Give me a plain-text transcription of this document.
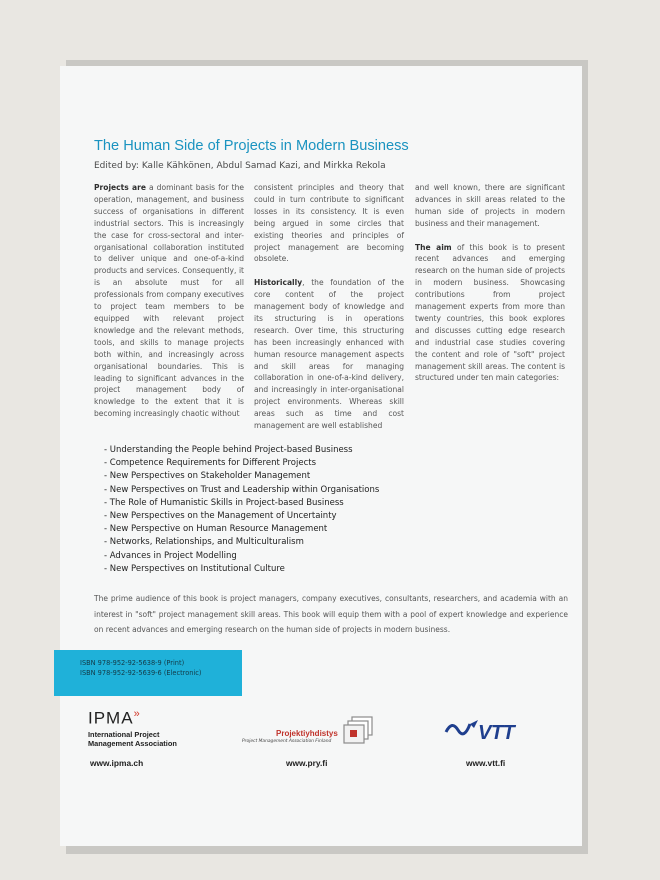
The Human Side of Projects in Modern Business
Edited by: Kalle Kähkönen, Abdul Samad Kazi, and Mirkka Rekola

Projects are a dominant basis for the operation, management, and business success of organisations in different industrial sectors. This is increasingly the case for cross-sectoral and inter-organisational collaboration instituted to deliver unique and one-of-a-kind products and services. Consequently, it is an absolute must for all professionals from company executives to project team members to be equipped with relevant project knowledge and the relevant methods, tools, and skills to manage projects both within, and increasingly across organisational boundaries. This is leading to significant advances in the project management body of knowledge to the extent that it is becoming increasingly chaotic without

consistent principles and theory that could in turn contribute to significant losses in its consistency. It is even being argued in some circles that existing theories and principles of project management are becoming obsolete.

Historically, the foundation of the core content of the project management body of knowledge and its structuring is in operations research. Over time, this structuring has been increasingly enhanced with human resource management aspects and skill areas for managing collaboration in one-of-a-kind delivery, and increasingly in inter-organisational project environments. Whereas skill areas such as time and cost management are well established

and well known, there are significant advances in skill areas related to the human side of projects in modern business and their management.

The aim of this book is to present recent advances and emerging research on the human side of projects in modern business. Showcasing contributions from project management experts from more than twenty countries, this book explores and discusses cutting edge research and industrial case studies covering the content and role of "soft" project management skill areas. The content is structured under ten main categories:

- Understanding the People behind Project-based Business
- Competence Requirements for Different Projects
- New Perspectives on Stakeholder Management
- New Perspectives on Trust and Leadership within Organisations
- The Role of Humanistic Skills in Project-based Business
- New Perspectives on the Management of Uncertainty
- New Perspective on Human Resource Management
- Networks, Relationships, and Multiculturalism
- Advances in Project Modelling
- New Perspectives on Institutional Culture
The prime audience of this book is project managers, company executives, consultants, researchers, and academia with an interest in "soft" project management skill areas. This book will equip them with a pool of expert knowledge and experience on recent advances and emerging research on the human side of projects in modern business.
ISBN 978-952-92-5638-9 (Print)
ISBN 978-952-92-5639-6 (Electronic)
IPMA»
International Project
Management Association
Projektiyhdistys
Project Management Association Finland	VTT
www.ipma.ch	www.pry.fi	www.vtt.fi
